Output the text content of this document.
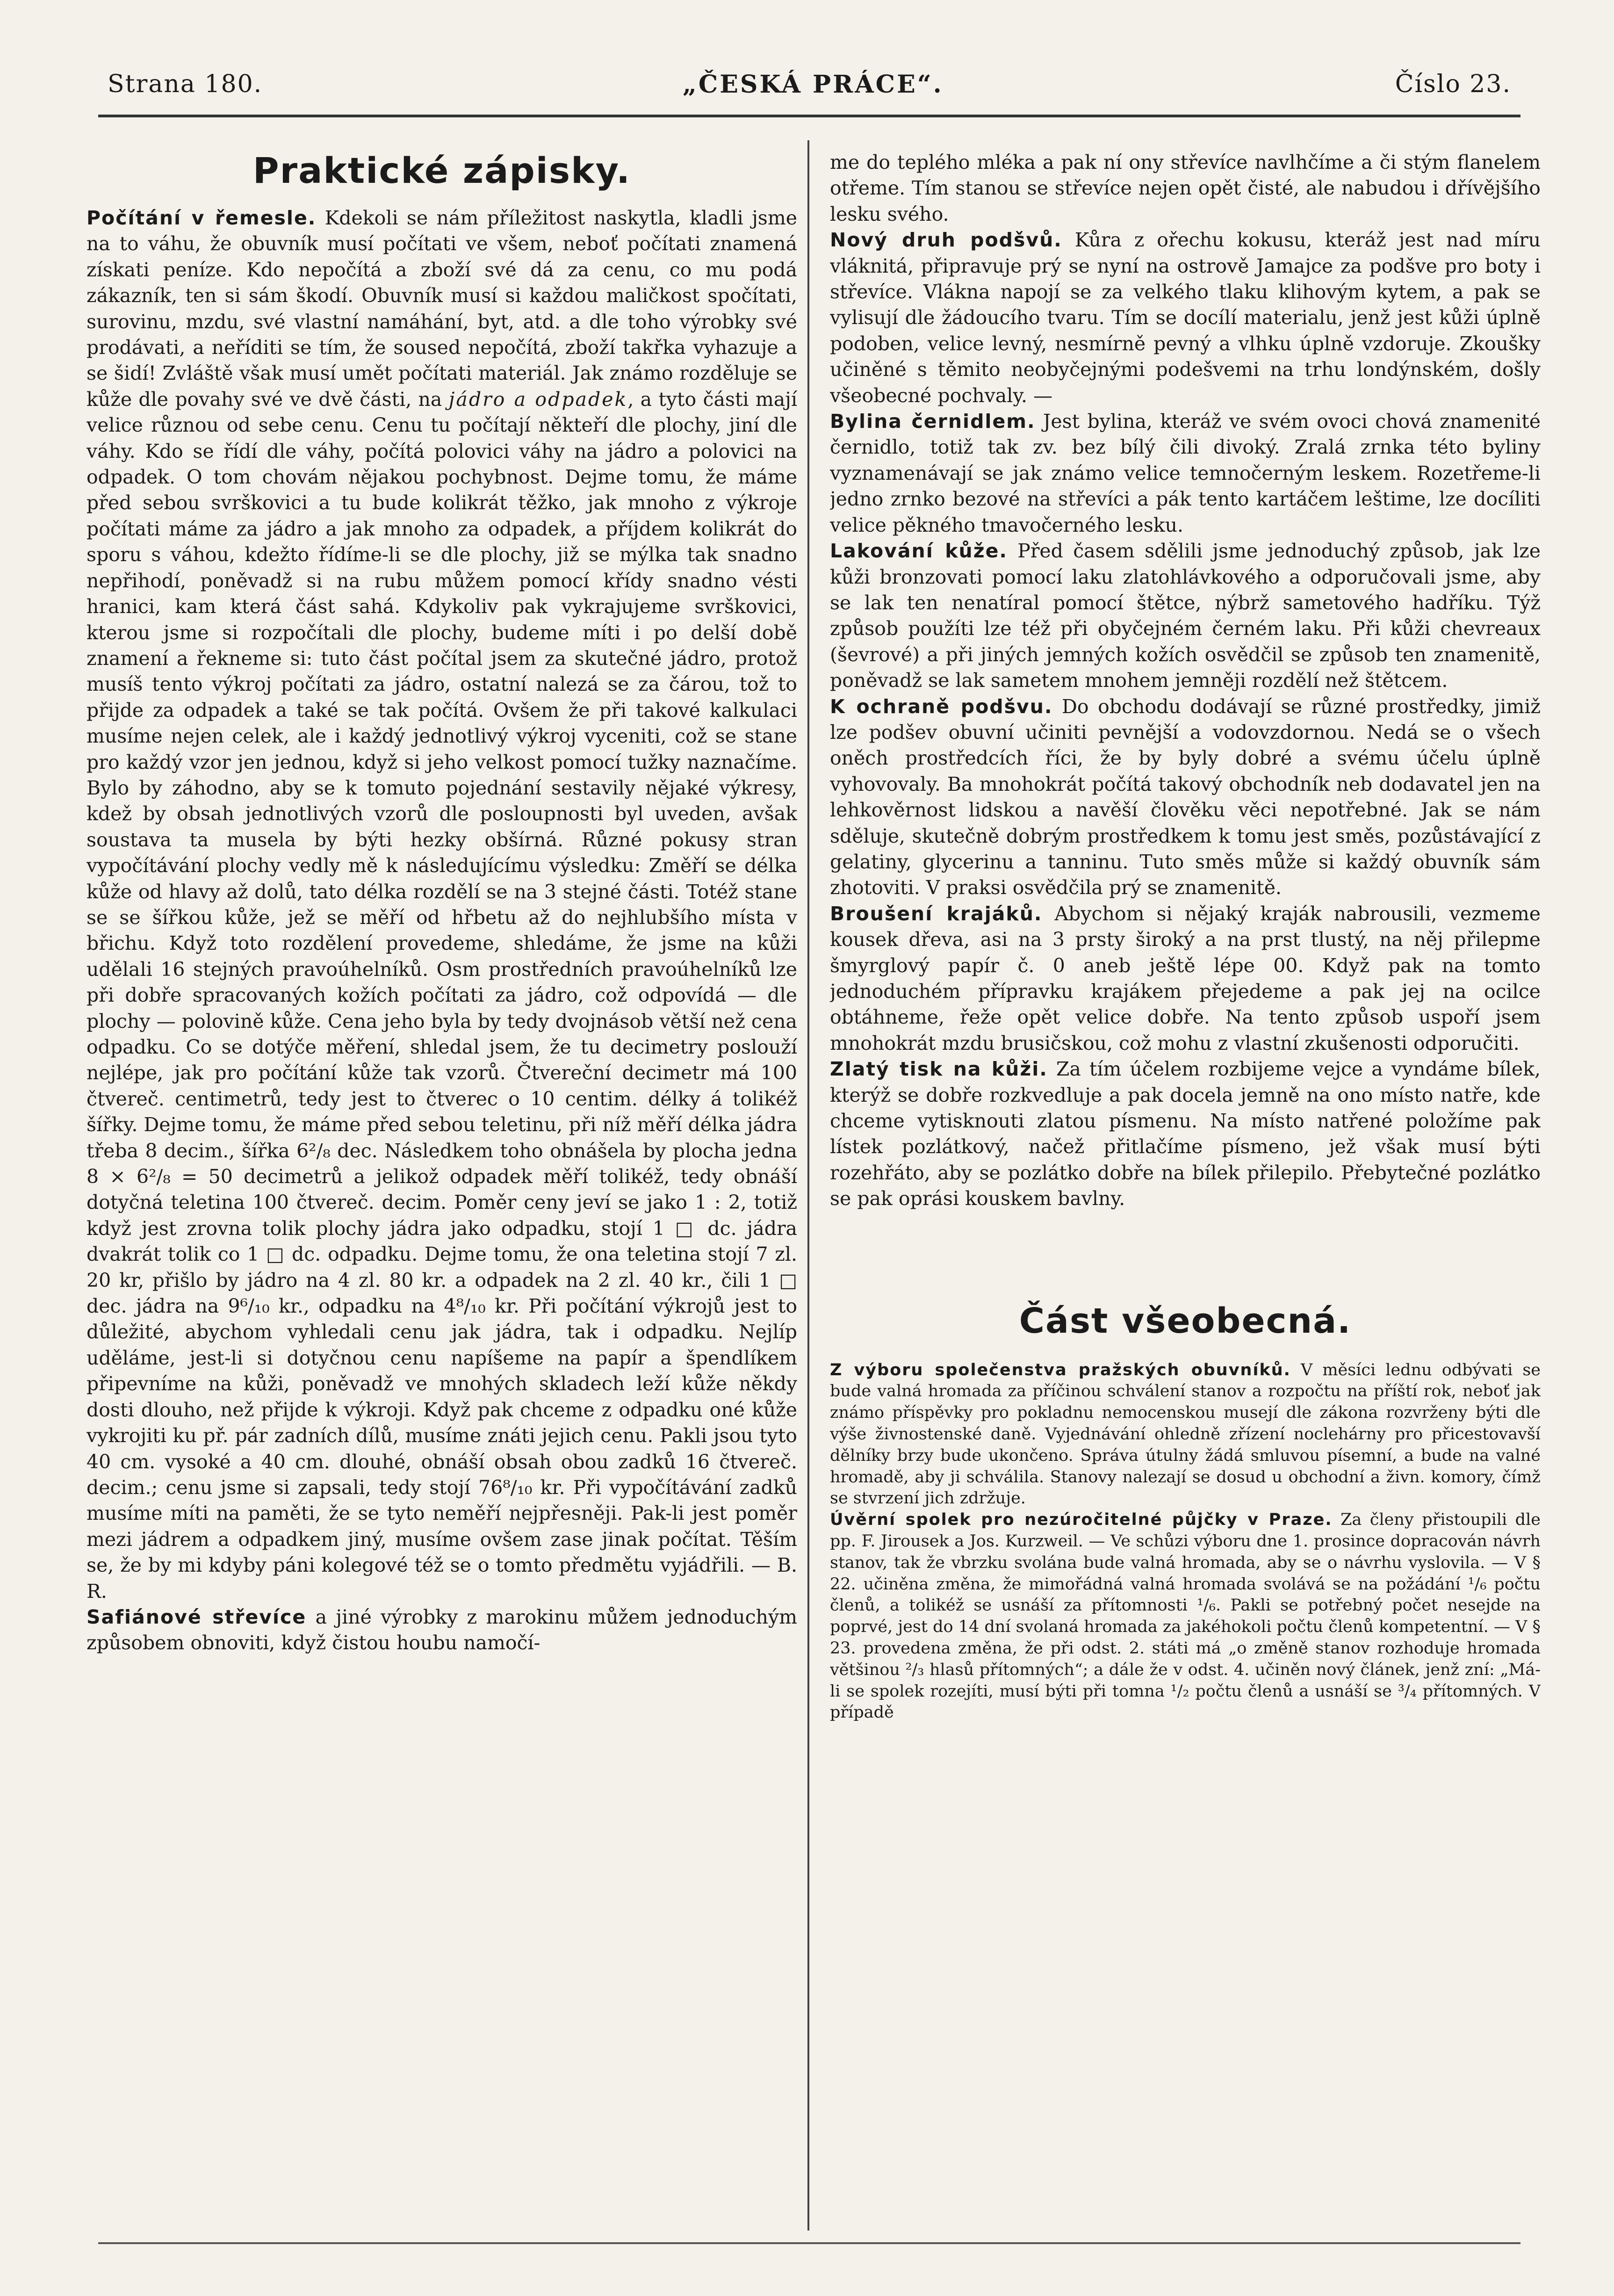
Strana 180.	„ČESKÁ PRÁCE“.	Číslo 23.
Praktické zápisky.

Počítání v řemesle. Kdekoli se nám příležitost naskytla, kladli jsme na to váhu, že obuvník musí počítati ve všem, neboť počítati znamená získati peníze. Kdo nepočítá a zboží své dá za cenu, co mu podá zákazník, ten si sám škodí. Obuvník musí si každou maličkost spočítati, surovinu, mzdu, své vlastní namáhání, byt, atd. a dle toho výrobky své prodávati, a neříditi se tím, že soused nepočítá, zboží takřka vyhazuje a se šidí! Zvláště však musí umět počítati materiál. Jak známo rozděluje se kůže dle povahy své ve dvě části, na jádro a odpadek, a tyto části mají velice různou od sebe cenu. Cenu tu počítají někteří dle plochy, jiní dle váhy. Kdo se řídí dle váhy, počítá polovici váhy na jádro a polovici na odpadek. O tom chovám nějakou pochybnost. Dejme tomu, že máme před sebou svrškovici a tu bude kolikrát těžko, jak mnoho z výkroje počítati máme za jádro a jak mnoho za odpadek, a příjdem kolikrát do sporu s váhou, kdežto řídíme-li se dle plochy, již se mýlka tak snadno nepřihodí, poněvadž si na rubu můžem pomocí křídy snadno vésti hranici, kam která část sahá. Kdykoliv pak vykrajujeme svrškovici, kterou jsme si rozpočítali dle plochy, budeme míti i po delší době znamení a řekneme si: tuto část počítal jsem za skutečné jádro, protož musíš tento výkroj počítati za jádro, ostatní nalezá se za čárou, tož to přijde za odpadek a také se tak počítá. Ovšem že při takové kalkulaci musíme nejen celek, ale i každý jednotlivý výkroj vyceniti, což se stane pro každý vzor jen jednou, když si jeho velkost pomocí tužky naznačíme. Bylo by záhodno, aby se k tomuto pojednání sestavily nějaké výkresy, kdež by obsah jednotlivých vzorů dle posloupnosti byl uveden, avšak soustava ta musela by býti hezky obšírná. Různé pokusy stran vypočítávání plochy vedly mě k následujícímu výsledku: Změří se délka kůže od hlavy až dolů, tato délka rozdělí se na 3 stejné části. Totéž stane se se šířkou kůže, jež se měří od hřbetu až do nejhlubšího místa v břichu. Když toto rozdělení provedeme, shledáme, že jsme na kůži udělali 16 stejných pravoúhelníků. Osm prostředních pravoúhelníků lze při dobře spracovaných kožích počítati za jádro, což odpovídá — dle plochy — polovině kůže. Cena jeho byla by tedy dvojnásob větší než cena odpadku. Co se dotýče měření, shledal jsem, že tu decimetry poslouží nejlépe, jak pro počítání kůže tak vzorů. Čtvereční decimetr má 100 čtvereč. centimetrů, tedy jest to čtverec o 10 centim. délky á tolikéž šířky. Dejme tomu, že máme před sebou teletinu, při níž měří délka jádra třeba 8 decim., šířka 6²/₈ dec. Následkem toho obnášela by plocha jedna 8 × 6²/₈ = 50 decimetrů a jelikož odpadek měří tolikéž, tedy obnáší dotyčná teletina 100 čtvereč. decim. Poměr ceny jeví se jako 1 : 2, totiž když jest zrovna tolik plochy jádra jako odpadku, stojí 1 □ dc. jádra dvakrát tolik co 1 □ dc. odpadku. Dejme tomu, že ona teletina stojí 7 zl. 20 kr, přišlo by jádro na 4 zl. 80 kr. a odpadek na 2 zl. 40 kr., čili 1 □ dec. jádra na 9⁶/₁₀ kr., odpadku na 4⁸/₁₀ kr. Při počítání výkrojů jest to důležité, abychom vyhledali cenu jak jádra, tak i odpadku. Nejlíp uděláme, jest-li si dotyčnou cenu napíšeme na papír a špendlíkem připevníme na kůži, poněvadž ve mnohých skladech leží kůže někdy dosti dlouho, než přijde k výkroji. Když pak chceme z odpadku oné kůže vykrojiti ku př. pár zadních dílů, musíme znáti jejich cenu. Pakli jsou tyto 40 cm. vysoké a 40 cm. dlouhé, obnáší obsah obou zadků 16 čtvereč. decim.; cenu jsme si zapsali, tedy stojí 76⁸/₁₀ kr. Při vypočítávání zadků musíme míti na paměti, že se tyto neměří nejpřesněji. Pak-li jest poměr mezi jádrem a odpadkem jiný, musíme ovšem zase jinak počítat. Těším se, že by mi kdyby páni kolegové též se o tomto předmětu vyjádřili. — B. R.

Safiánové střevíce a jiné výrobky z marokinu můžem jednoduchým způsobem obnoviti, když čistou houbu namočí-

me do teplého mléka a pak ní ony střevíce navlhčíme a či stým flanelem otřeme. Tím stanou se střevíce nejen opět čisté, ale nabudou i dřívějšího lesku svého.

Nový druh podšvů. Kůra z ořechu kokusu, kteráž jest nad míru vláknitá, připravuje prý se nyní na ostrově Jamajce za podšve pro boty i střevíce. Vlákna napojí se za velkého tlaku klihovým kytem, a pak se vylisují dle žádoucího tvaru. Tím se docílí materialu, jenž jest kůži úplně podoben, velice levný, nesmírně pevný a vlhku úplně vzdoruje. Zkoušky učiněné s těmito neobyčejnými podešvemi na trhu londýnském, došly všeobecné pochvaly. —

Bylina černidlem. Jest bylina, kteráž ve svém ovoci chová znamenité černidlo, totiž tak zv. bez bílý čili divoký. Zralá zrnka této byliny vyznamenávají se jak známo velice temnočerným leskem. Rozetřeme-li jedno zrnko bezové na střevíci a pák tento kartáčem leštime, lze docíliti velice pěkného tmavočerného lesku.

Lakování kůže. Před časem sdělili jsme jednoduchý způsob, jak lze kůži bronzovati pomocí laku zlatohlávkového a odporučovali jsme, aby se lak ten nenatíral pomocí štětce, nýbrž sametového hadříku. Týž způsob použíti lze též při obyčejném černém laku. Při kůži chevreaux (ševrové) a při jiných jemných kožích osvědčil se způsob ten znamenitě, poněvadž se lak sametem mnohem jemněji rozdělí než štětcem.

K ochraně podšvu. Do obchodu dodávají se různé prostředky, jimiž lze podšev obuvní učiniti pevnější a vodovzdornou. Nedá se o všech oněch prostředcích říci, že by byly dobré a svému účelu úplně vyhovovaly. Ba mnohokrát počítá takový obchodník neb dodavatel jen na lehkověrnost lidskou a navěší člověku věci nepotřebné. Jak se nám sděluje, skutečně dobrým prostředkem k tomu jest směs, pozůstávající z gelatiny, glycerinu a tanninu. Tuto směs může si každý obuvník sám zhotoviti. V praksi osvědčila prý se znamenitě.

Broušení krajáků. Abychom si nějaký kraják nabrousili, vezmeme kousek dřeva, asi na 3 prsty široký a na prst tlustý, na něj přilepme šmyrglový papír č. 0 aneb ještě lépe 00. Když pak na tomto jednoduchém přípravku krajákem přejedeme a pak jej na ocilce obtáhneme, řeže opět velice dobře. Na tento způsob uspoří jsem mnohokrát mzdu brusičskou, což mohu z vlastní zkušenosti odporučiti.

Zlatý tisk na kůži. Za tím účelem rozbijeme vejce a vyndáme bílek, kterýž se dobře rozkvedluje a pak docela jemně na ono místo natře, kde chceme vytisknouti zlatou písmenu. Na místo natřené položíme pak lístek pozlátkový, načež přitlačíme písmeno, jež však musí býti rozehřáto, aby se pozlátko dobře na bílek přilepilo. Přebytečné pozlátko se pak oprási kouskem bavlny.

Část všeobecná.

Z výboru společenstva pražských obuvníků. V měsíci lednu odbývati se bude valná hromada za příčinou schválení stanov a rozpočtu na příští rok, neboť jak známo příspěvky pro pokladnu nemocenskou musejí dle zákona rozvrženy býti dle výše živnostenské daně. Vyjednávání ohledně zřízení noclehárny pro přicestovavší dělníky brzy bude ukončeno. Správa útulny žádá smluvou písemní, a bude na valné hromadě, aby ji schválila. Stanovy nalezají se dosud u obchodní a živn. komory, čímž se stvrzení jich zdržuje.

Úvěrní spolek pro nezúročitelné půjčky v Praze. Za členy přistoupili dle pp. F. Jirousek a Jos. Kurzweil. — Ve schůzi výboru dne 1. prosince dopracován návrh stanov, tak že vbrzku svolána bude valná hromada, aby se o návrhu vyslovila. — V § 22. učiněna změna, že mimořádná valná hromada svolává se na požádání ¹/₆ počtu členů, a tolikéž se usnáší za přítomnosti ¹/₆. Pakli se potřebný počet nesejde na poprvé, jest do 14 dní svolaná hromada za jakéhokoli počtu členů kompetentní. — V § 23. provedena změna, že při odst. 2. státi má „o změně stanov rozhoduje hromada většinou ²/₃ hlasů přítomných“; a dále že v odst. 4. učiněn nový článek, jenž zní: „Má-li se spolek rozejíti, musí býti při tomna ¹/₂ počtu členů a usnáší se ³/₄ přítomných. V případě
